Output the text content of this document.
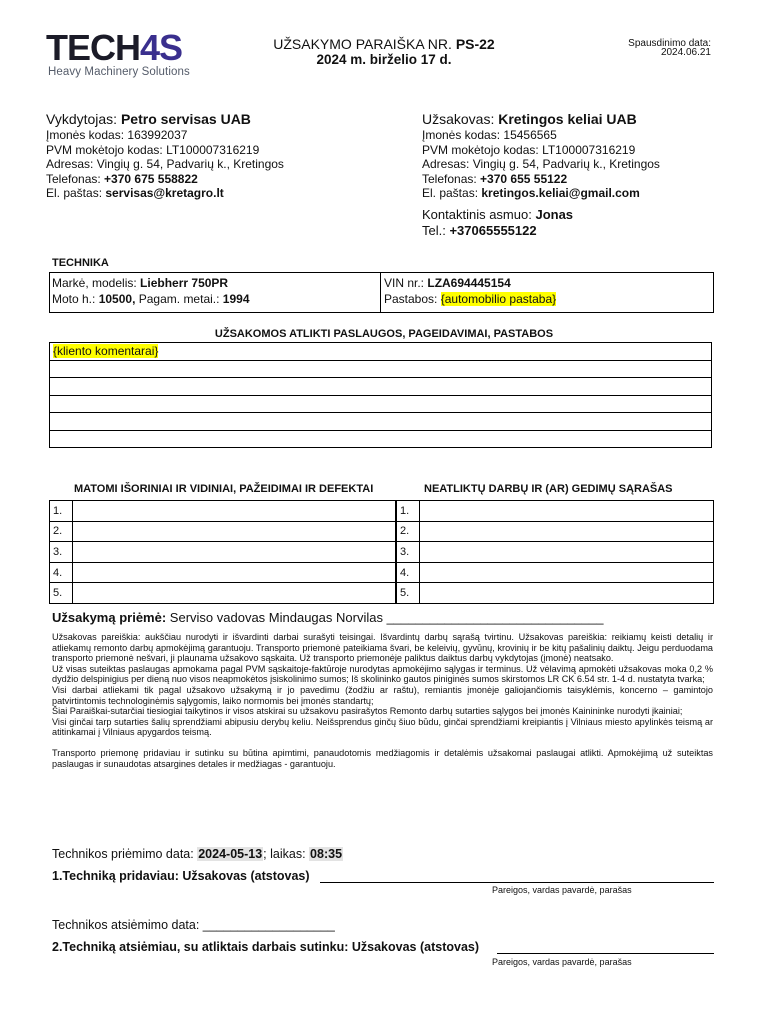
TECH4S
Heavy Machinery Solutions
UŽSAKYMO PARAIŠKA NR. PS-22
2024 m. birželio 17 d.
Spausdinimo data:
2024.06.21
Vykdytojas: Petro servisas UAB
Įmonės kodas: 163992037
PVM mokėtojo kodas: LT100007316219
Adresas: Vingių g. 54, Padvarių k., Kretingos
Telefonas: +370 675 558822
El. paštas: servisas@kretagro.lt
Užsakovas: Kretingos keliai UAB
Įmonės kodas: 15456565
PVM mokėtojo kodas: LT100007316219
Adresas: Vingių g. 54, Padvarių k., Kretingos
Telefonas: +370 655 55122
El. paštas: kretingos.keliai@gmail.com
Kontaktinis asmuo: Jonas
Tel.: +37065555122
TECHNIKA
Markė, modelis: Liebherr 750PR
Moto h.: 10500, Pagam. metai.: 1994
VIN nr.: LZA694445154
Pastabos: {automobilio pastaba}
UŽSAKOMOS ATLIKTI PASLAUGOS, PAGEIDAVIMAI, PASTABOS
{kliento komentarai}

MATOMI IŠORINIAI IR VIDINIAI, PAŽEIDIMAI IR DEFEKTAI	NEATLIKTŲ DARBŲ IR (AR) GEDIMŲ SĄRAŠAS
1.	
2.	
3.	
4.	
5.	
1.	
2.	
3.	
4.	
5.	
Užsakymą priėmė: Serviso vadovas Mindaugas Norvilas ______________________________

Užsakovas pareiškia: aukščiau nurodyti ir išvardinti darbai surašyti teisingai. Išvardintų darbų sąrašą tvirtinu. Užsakovas pareiškia: reikiamų keisti detalių ir atliekamų remonto darbų apmokėjimą garantuoju. Transporto priemonė pateikiama švari, be keleivių, gyvūnų, krovinių ir be kitų pašalinių daiktų. Jeigu perduodama transporto priemonė nešvari, ji plaunama užsakovo sąskaita. Už transporto priemonėje paliktus daiktus darbų vykdytojas (įmonė) neatsako.

Už visas suteiktas paslaugas apmokama pagal PVM sąskaitoje-faktūroje nurodytas apmokėjimo sąlygas ir terminus. Už vėlavimą apmokėti užsakovas moka 0,2 % dydžio delspinigius per dieną nuo visos neapmokėtos įsiskolinimo sumos; Iš skolininko gautos piniginės sumos skirstomos LR CK 6.54 str. 1-4 d. nustatyta tvarka;

Visi darbai atliekami tik pagal užsakovo užsakymą ir jo pavedimu (žodžiu ar raštu), remiantis įmonėje galiojančiomis taisyklėmis, koncerno – gamintojo patvirtintomis technologinėmis sąlygomis, laiko normomis bei įmonės standartų;

Šiai Paraiškai-sutarčiai tiesiogiai taikytinos ir visos atskirai su užsakovu pasirašytos Remonto darbų sutarties sąlygos bei įmonės Kainininke nurodyti įkainiai;

Visi ginčai tarp sutarties šalių sprendžiami abipusiu derybų keliu. Neišsprendus ginčų šiuo būdu, ginčai sprendžiami kreipiantis į Vilniaus miesto apylinkės teismą ar atitinkamai į Vilniaus apygardos teismą.

Transporto priemonę pridaviau ir sutinku su būtina apimtimi, panaudotomis medžiagomis ir detalėmis užsakomai paslaugai atlikti. Apmokėjimą už suteiktas paslaugas ir sunaudotas atsargines detales ir medžiagas - garantuoju.

Technikos priėmimo data: 2024-05-13; laikas: 08:35
1.Techniką pridaviau: Užsakovas (atstovas)
Pareigos, vardas pavardė, parašas
Technikos atsiėmimo data: ___________________
2.Techniką atsiėmiau, su atliktais darbais sutinku: Užsakovas (atstovas)
Pareigos, vardas pavardė, parašas
